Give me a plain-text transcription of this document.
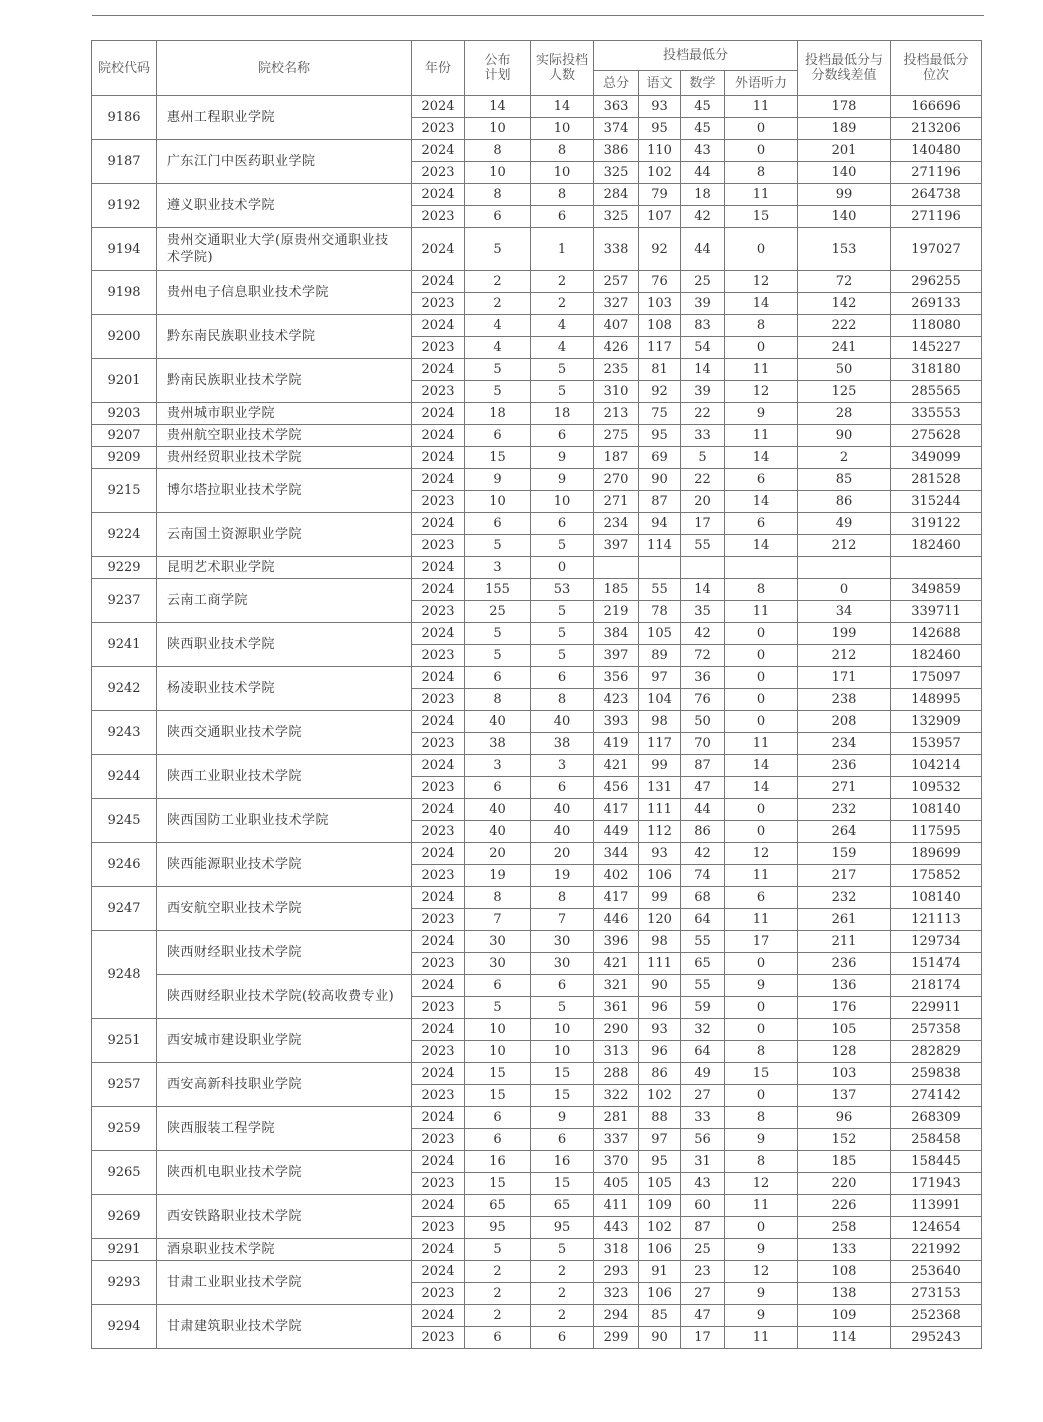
院校代码	院校名称	年份	公布计划	实际投档人数	投档最低分				投档最低分与分数线差值	投档最低分位次
					总分	语文	数学	外语听力		
9186	惠州工程职业学院	2024	14	14	363	93	45	11	178	166696
		2023	10	10	374	95	45	0	189	213206
9187	广东江门中医药职业学院	2024	8	8	386	110	43	0	201	140480
		2023	10	10	325	102	44	8	140	271196
9192	遵义职业技术学院	2024	8	8	284	79	18	11	99	264738
		2023	6	6	325	107	42	15	140	271196
9194	贵州交通职业大学(原贵州交通职业技术学院)	2024	5	1	338	92	44	0	153	197027
9198	贵州电子信息职业技术学院	2024	2	2	257	76	25	12	72	296255
		2023	2	2	327	103	39	14	142	269133
9200	黔东南民族职业技术学院	2024	4	4	407	108	83	8	222	118080
		2023	4	4	426	117	54	0	241	145227
9201	黔南民族职业技术学院	2024	5	5	235	81	14	11	50	318180
		2023	5	5	310	92	39	12	125	285565
9203	贵州城市职业学院	2024	18	18	213	75	22	9	28	335553
9207	贵州航空职业技术学院	2024	6	6	275	95	33	11	90	275628
9209	贵州经贸职业技术学院	2024	15	9	187	69	5	14	2	349099
9215	博尔塔拉职业技术学院	2024	9	9	270	90	22	6	85	281528
		2023	10	10	271	87	20	14	86	315244
9224	云南国土资源职业学院	2024	6	6	234	94	17	6	49	319122
		2023	5	5	397	114	55	14	212	182460
9229	昆明艺术职业学院	2024	3	0						
9237	云南工商学院	2024	155	53	185	55	14	8	0	349859
		2023	25	5	219	78	35	11	34	339711
9241	陕西职业技术学院	2024	5	5	384	105	42	0	199	142688
		2023	5	5	397	89	72	0	212	182460
9242	杨凌职业技术学院	2024	6	6	356	97	36	0	171	175097
		2023	8	8	423	104	76	0	238	148995
9243	陕西交通职业技术学院	2024	40	40	393	98	50	0	208	132909
		2023	38	38	419	117	70	11	234	153957
9244	陕西工业职业技术学院	2024	3	3	421	99	87	14	236	104214
		2023	6	6	456	131	47	14	271	109532
9245	陕西国防工业职业技术学院	2024	40	40	417	111	44	0	232	108140
		2023	40	40	449	112	86	0	264	117595
9246	陕西能源职业技术学院	2024	20	20	344	93	42	12	159	189699
		2023	19	19	402	106	74	11	217	175852
9247	西安航空职业技术学院	2024	8	8	417	99	68	6	232	108140
		2023	7	7	446	120	64	11	261	121113
9248	陕西财经职业技术学院	2024	30	30	396	98	55	17	211	129734
		2023	30	30	421	111	65	0	236	151474
	陕西财经职业技术学院(较高收费专业)	2024	6	6	321	90	55	9	136	218174
		2023	5	5	361	96	59	0	176	229911
9251	西安城市建设职业学院	2024	10	10	290	93	32	0	105	257358
		2023	10	10	313	96	64	8	128	282829
9257	西安高新科技职业学院	2024	15	15	288	86	49	15	103	259838
		2023	15	15	322	102	27	0	137	274142
9259	陕西服装工程学院	2024	6	9	281	88	33	8	96	268309
		2023	6	6	337	97	56	9	152	258458
9265	陕西机电职业技术学院	2024	16	16	370	95	31	8	185	158445
		2023	15	15	405	105	43	12	220	171943
9269	西安铁路职业技术学院	2024	65	65	411	109	60	11	226	113991
		2023	95	95	443	102	87	0	258	124654
9291	酒泉职业技术学院	2024	5	5	318	106	25	9	133	221992
9293	甘肃工业职业技术学院	2024	2	2	293	91	23	12	108	253640
		2023	2	2	323	106	27	9	138	273153
9294	甘肃建筑职业技术学院	2024	2	2	294	85	47	9	109	252368
		2023	6	6	299	90	17	11	114	295243
